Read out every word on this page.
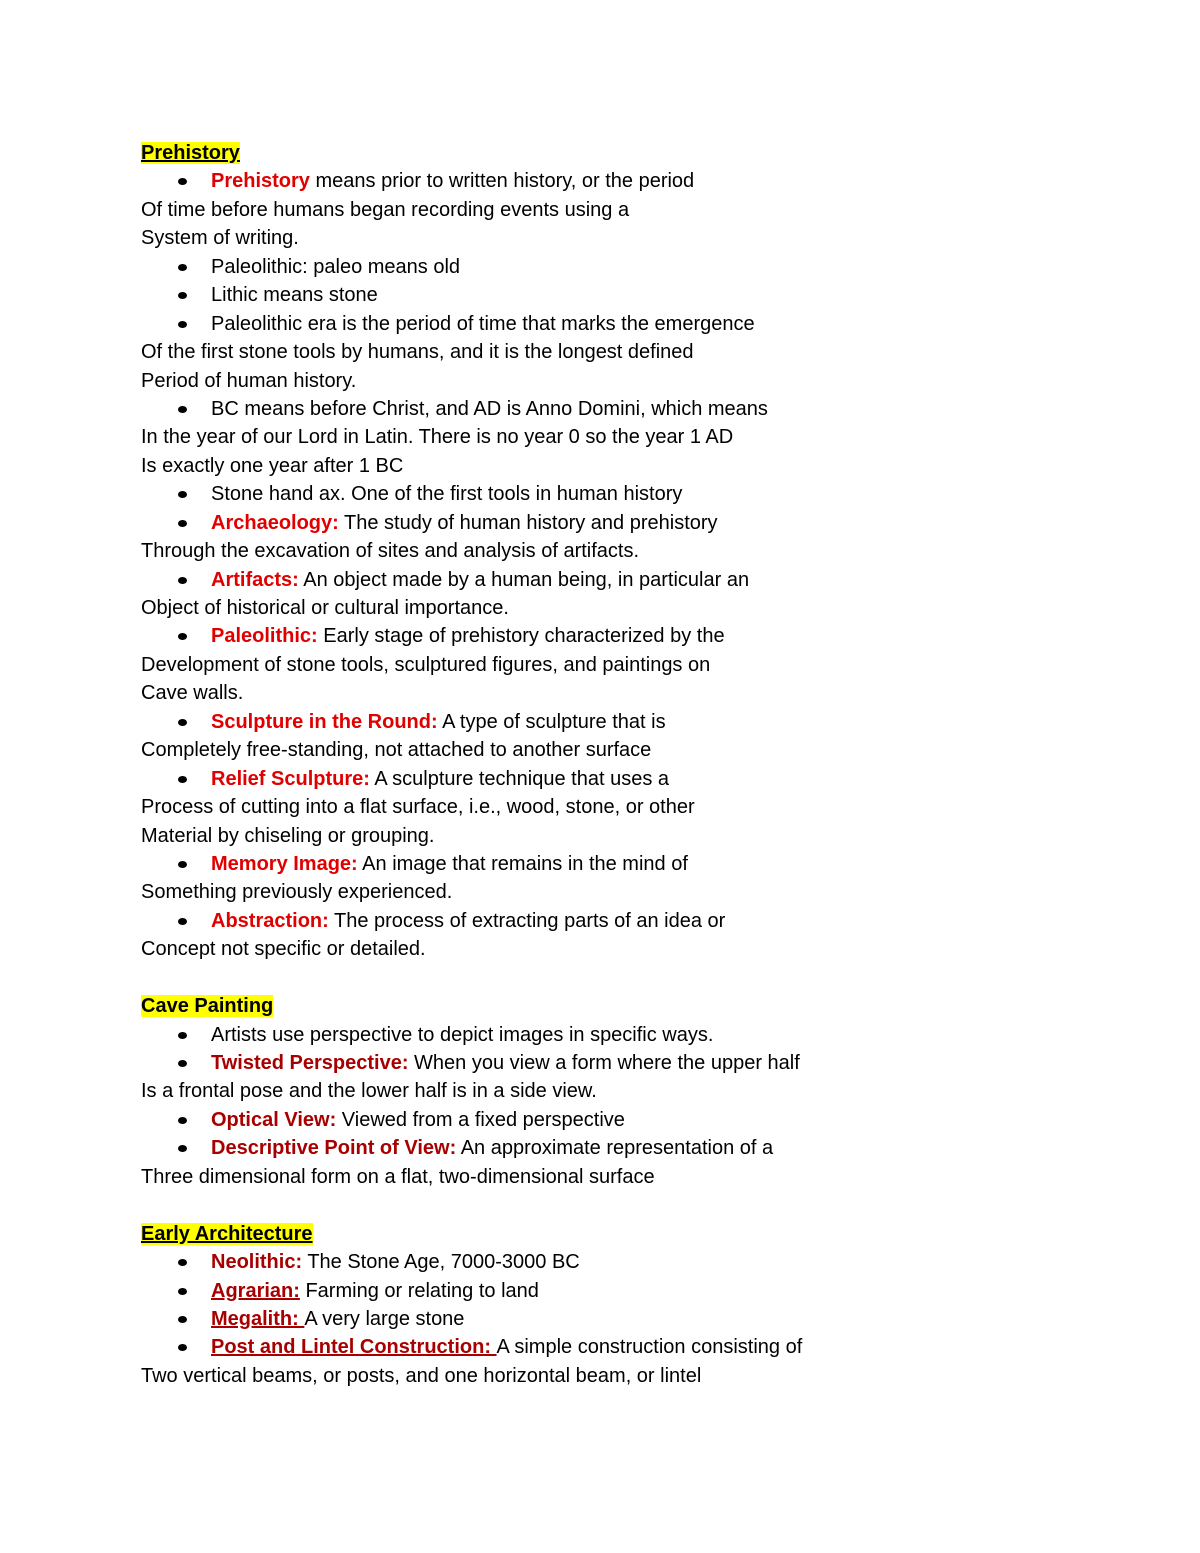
Prehistory
Prehistory means prior to written history, or the period
Of time before humans began recording events using a
System of writing.
Paleolithic: paleo means old
Lithic means stone
Paleolithic era is the period of time that marks the emergence
Of the first stone tools by humans, and it is the longest defined
Period of human history.
BC means before Christ, and AD is Anno Domini, which means
In the year of our Lord in Latin. There is no year 0 so the year 1 AD
Is exactly one year after 1 BC
Stone hand ax. One of the first tools in human history
Archaeology: The study of human history and prehistory
Through the excavation of sites and analysis of artifacts.
Artifacts: An object made by a human being, in particular an
Object of historical or cultural importance.
Paleolithic: Early stage of prehistory characterized by the
Development of stone tools, sculptured figures, and paintings on
Cave walls.
Sculpture in the Round: A type of sculpture that is
Completely free-standing, not attached to another surface
Relief Sculpture: A sculpture technique that uses a
Process of cutting into a flat surface, i.e., wood, stone, or other
Material by chiseling or grouping.
Memory Image: An image that remains in the mind of
Something previously experienced.
Abstraction: The process of extracting parts of an idea or
Concept not specific or detailed.
Cave Painting
Artists use perspective to depict images in specific ways.
Twisted Perspective: When you view a form where the upper half
Is a frontal pose and the lower half is in a side view.
Optical View: Viewed from a fixed perspective
Descriptive Point of View: An approximate representation of a
Three dimensional form on a flat, two-dimensional surface
Early Architecture
Neolithic: The Stone Age, 7000-3000 BC
Agrarian: Farming or relating to land
Megalith: A very large stone
Post and Lintel Construction: A simple construction consisting of
Two vertical beams, or posts, and one horizontal beam, or lintel
